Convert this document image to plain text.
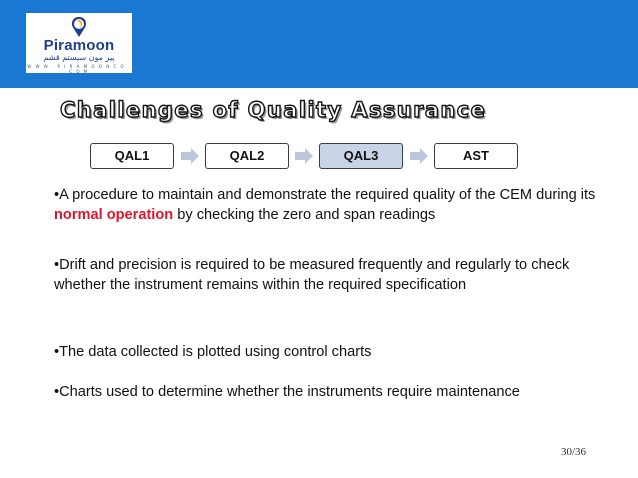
Piramoon
پیر مون سیستم قشم
W W W . P I R A M O O N C O . C O M
Challenges of Quality Assurance
QAL1	QAL2	QAL3	AST
•A procedure to maintain and demonstrate the required quality of the CEM during its normal operation by checking the zero and span readings
•Drift and precision is required to be measured frequently and regularly to check whether the instrument remains within the required specification
•The data collected is plotted using control charts
•Charts used to determine whether the instruments require maintenance
30/36
